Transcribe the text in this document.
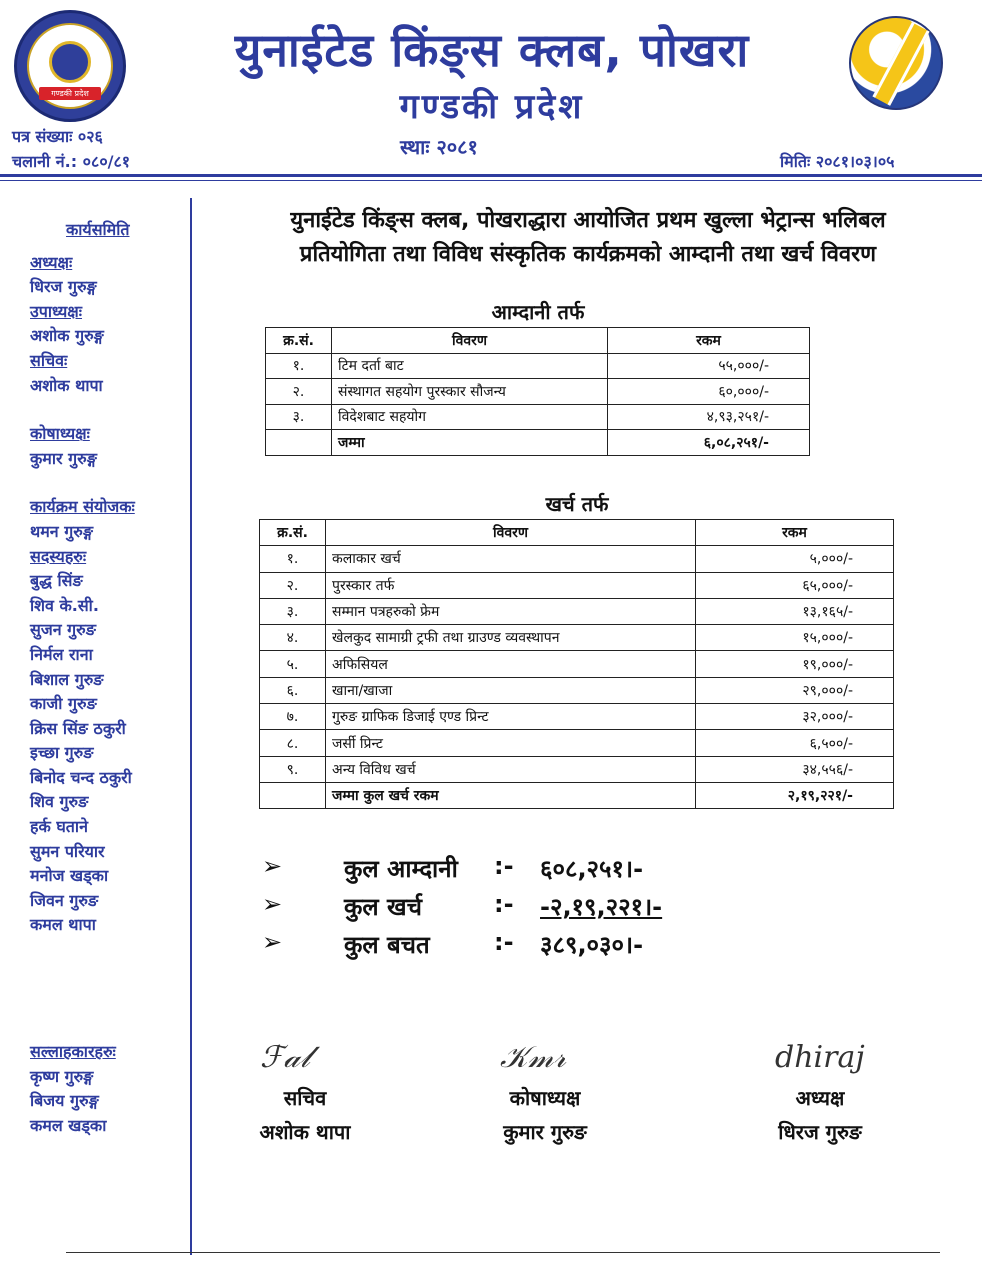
गण्डकी प्रदेश
युनाईटेड किंङ्स क्लब, पोखरा
गण्डकी प्रदेश
पत्र संख्याः ०२६
चलानी नं.: ०८०/८१
स्थाः २०८१
मितिः २०८१।०३।०५
कार्यसमिति
अध्यक्षः
धिरज गुरुङ्ग
उपाध्यक्षः
अशोक गुरुङ्ग
सचिवः
अशोक थापा
कोषाध्यक्षः
कुमार गुरुङ्ग
कार्यक्रम संयोजकः
थमन गुरुङ्ग
सदस्यहरुः
बुद्ध सिंङ
शिव के.सी.
सुजन गुरुङ
निर्मल राना
बिशाल गुरुङ
काजी गुरुङ
क्रिस सिंङ ठकुरी
इच्छा गुरुङ
बिनोद चन्द ठकुरी
शिव गुरुङ
हर्क घताने
सुमन परियार
मनोज खड्का
जिवन गुरुङ
कमल थापा
सल्लाहकारहरुः
कृष्ण गुरुङ्ग
बिजय गुरुङ्ग
कमल खड्का
युनाईटेड किंङ्स क्लब, पोखराद्धारा आयोजित प्रथम खुल्ला भेट्रान्स भलिबल
प्रतियोगिता तथा विविध संस्कृतिक कार्यक्रमको आम्दानी तथा खर्च विवरण
आम्दानी तर्फ
क्र.सं.	विवरण	रकम
१.	टिम दर्ता बाट	५५,०००/-
२.	संस्थागत सहयोग पुरस्कार सौजन्य	६०,०००/-
३.	विदेशबाट सहयोग	४,९३,२५१/-
	जम्मा	६,०८,२५१/-
खर्च तर्फ
क्र.सं.	विवरण	रकम
१.	कलाकार खर्च	५,०००/-
२.	पुरस्कार तर्फ	६५,०००/-
३.	सम्मान पत्रहरुको फ्रेम	१३,१६५/-
४.	खेलकुद सामाग्री ट्रफी तथा ग्राउण्ड व्यवस्थापन	१५,०००/-
५.	अफिसियल	१९,०००/-
६.	खाना/खाजा	२९,०००/-
७.	गुरुङ ग्राफिक डिजाई एण्ड प्रिन्ट	३२,०००/-
८.	जर्सी प्रिन्ट	६,५००/-
९.	अन्य विविध खर्च	३४,५५६/-
	जम्मा कुल खर्च रकम	२,१९,२२१/-
➢	कुल आम्दानी :- ६०८,२५१।-
➢	कुल खर्च	:- -२,१९,२२१।-
➢	कुल बचत	:- ३८९,०३०।-
ℱ𝒶𝓁
सचिव
अशोक थापा
𝒦𝓂𝓇
कोषाध्यक्ष
कुमार गुरुङ
dhiraj
अध्यक्ष
धिरज गुरुङ
